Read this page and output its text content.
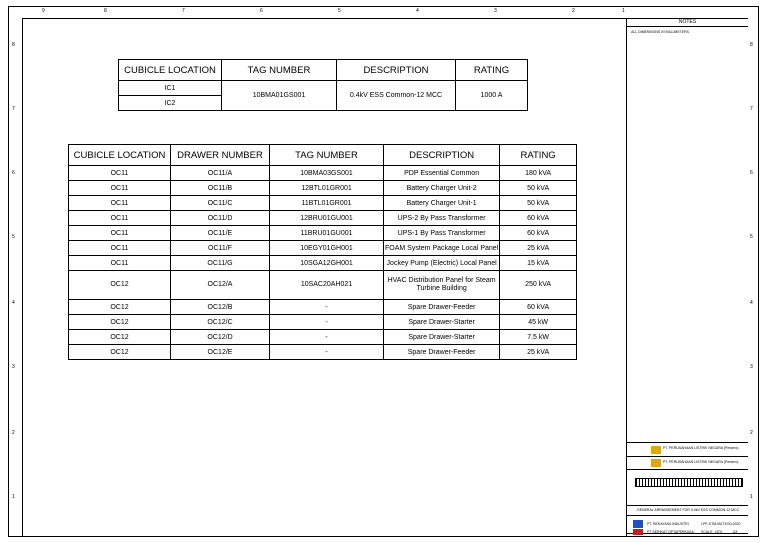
9	8	7	6	5	4	3	2	1
8
7
6
5
4
3
2
1
8
7
6
5
4
3
2
1
CUBICLE LOCATION	TAG NUMBER	DESCRIPTION	RATING
IC1	10BMA01GS001	0.4kV ESS Common-12 MCC	1000 A
IC2			
CUBICLE LOCATION	DRAWER NUMBER	TAG NUMBER	DESCRIPTION	RATING
OC11	OC11/A	10BMA03GS001	PDP Essential Common	180 kVA
OC11	OC11/B	12BTL01GR001	Battery Charger Unit-2	50 kVA
OC11	OC11/C	11BTL01GR001	Battery Charger Unit-1	50 kVA
OC11	OC11/D	12BRU01GU001	UPS-2 By Pass Transformer	60 kVA
OC11	OC11/E	11BRU01GU001	UPS-1 By Pass Transformer	60 kVA
OC11	OC11/F	10EGY01GH001	FOAM System Package Local Panel	25 kVA
OC11	OC11/G	10SGA12GH001	Jockey Pump (Electric) Local Panel	15 kVA
OC12	OC12/A	10SAC20AH021	HVAC Distribution Panel for Steam Turbine Building	250 kVA
OC12	OC12/B	-	Spare Drawer-Feeder	60 kVA
OC12	OC12/C	-	Spare Drawer-Starter	45 kW
OC12	OC12/D	-	Spare Drawer-Starter	7.5 kW
OC12	OC12/E	-	Spare Drawer-Feeder	25 kVA
NOTES
ALL DIMENSIONS IN MILLIMETERS
PT. PERUSAHAAN LISTRIK NEGARA (Persero)
PT. PERUSAHAAN LISTRIK NEGARA (Persero)
GENERAL ARRANGEMENT FOR 0.4kV ESS COMMON-12 MCC
PT. REKAYASA INDUSTRI	LPP-STM-BUT-E00-0320
PT SERIKAT OPTAPERKASA SCALE : NTS	A3
